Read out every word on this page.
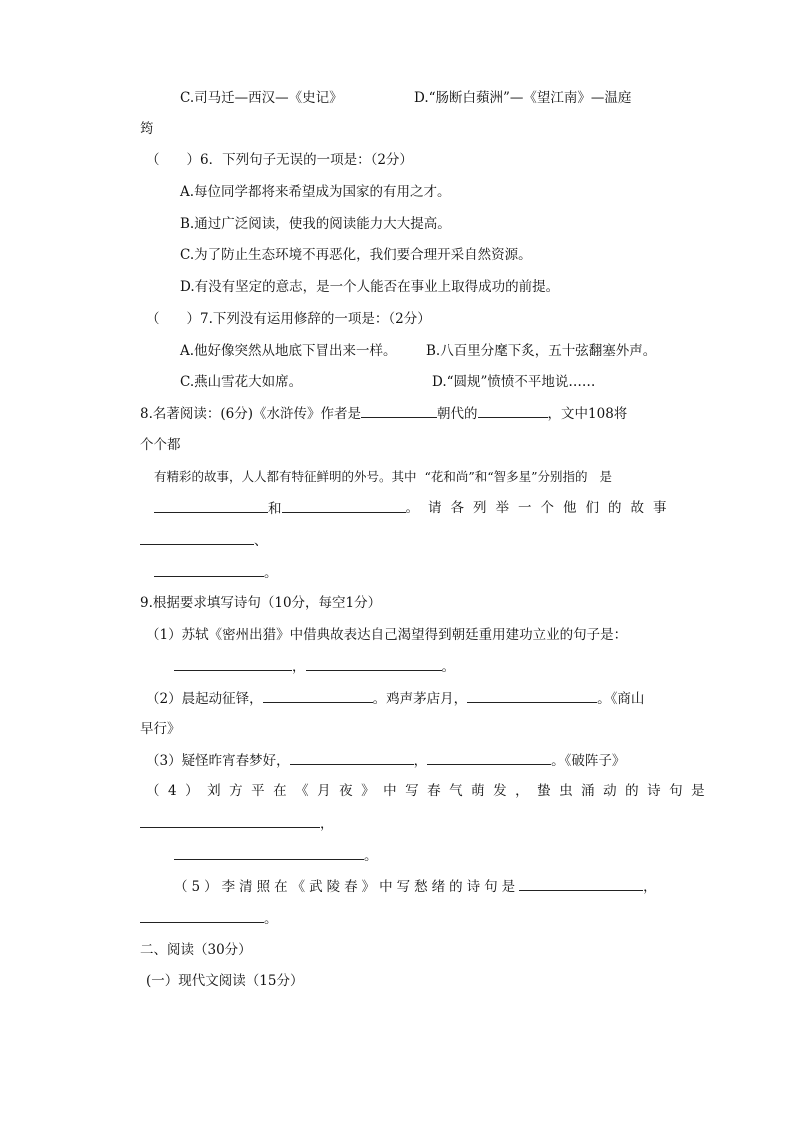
C.司马迁—西汉—《史记》	D.“肠断白蘋洲”—《望江南》—温庭
筠
（　　）6．下列句子无误的一项是：（2分）
A.每位同学都将来希望成为国家的有用之才。
B.通过广泛阅读，使我的阅读能力大大提高。
C.为了防止生态环境不再恶化，我们要合理开采自然资源。
D.有没有坚定的意志，是一个人能否在事业上取得成功的前提。
（　　）7.下列没有运用修辞的一项是：（2分）
A.他好像突然从地底下冒出来一样。 B.八百里分麾下炙，五十弦翻塞外声。
C.燕山雪花大如席。	D.“圆规”愤愤不平地说……
8.名著阅读：(6分)《水浒传》作者是	朝代的	，文中108将
个个都
有精彩的故事，人人都有特征鲜明的外号。其中 “花和尚”和“智多星”分别指的 是
和	。请各列举一个他们的故事
、
。
9.根据要求填写诗句（10分，每空1分）
（1）苏轼《密州出猎》中借典故表达自己渴望得到朝廷重用建功立业的句子是：
，	。
（2）晨起动征铎，	。鸡声茅店月，	。《商山
早行》
（3）疑怪昨宵春梦好，	，	。《破阵子》
（4）刘方平在《月夜》中写春气萌发，蛰虫涌动的诗句是
，
。
（5）李清照在《武陵春》中写愁绪的诗句是	，
。
二、阅读（30分）
(一）现代文阅读（15分）
